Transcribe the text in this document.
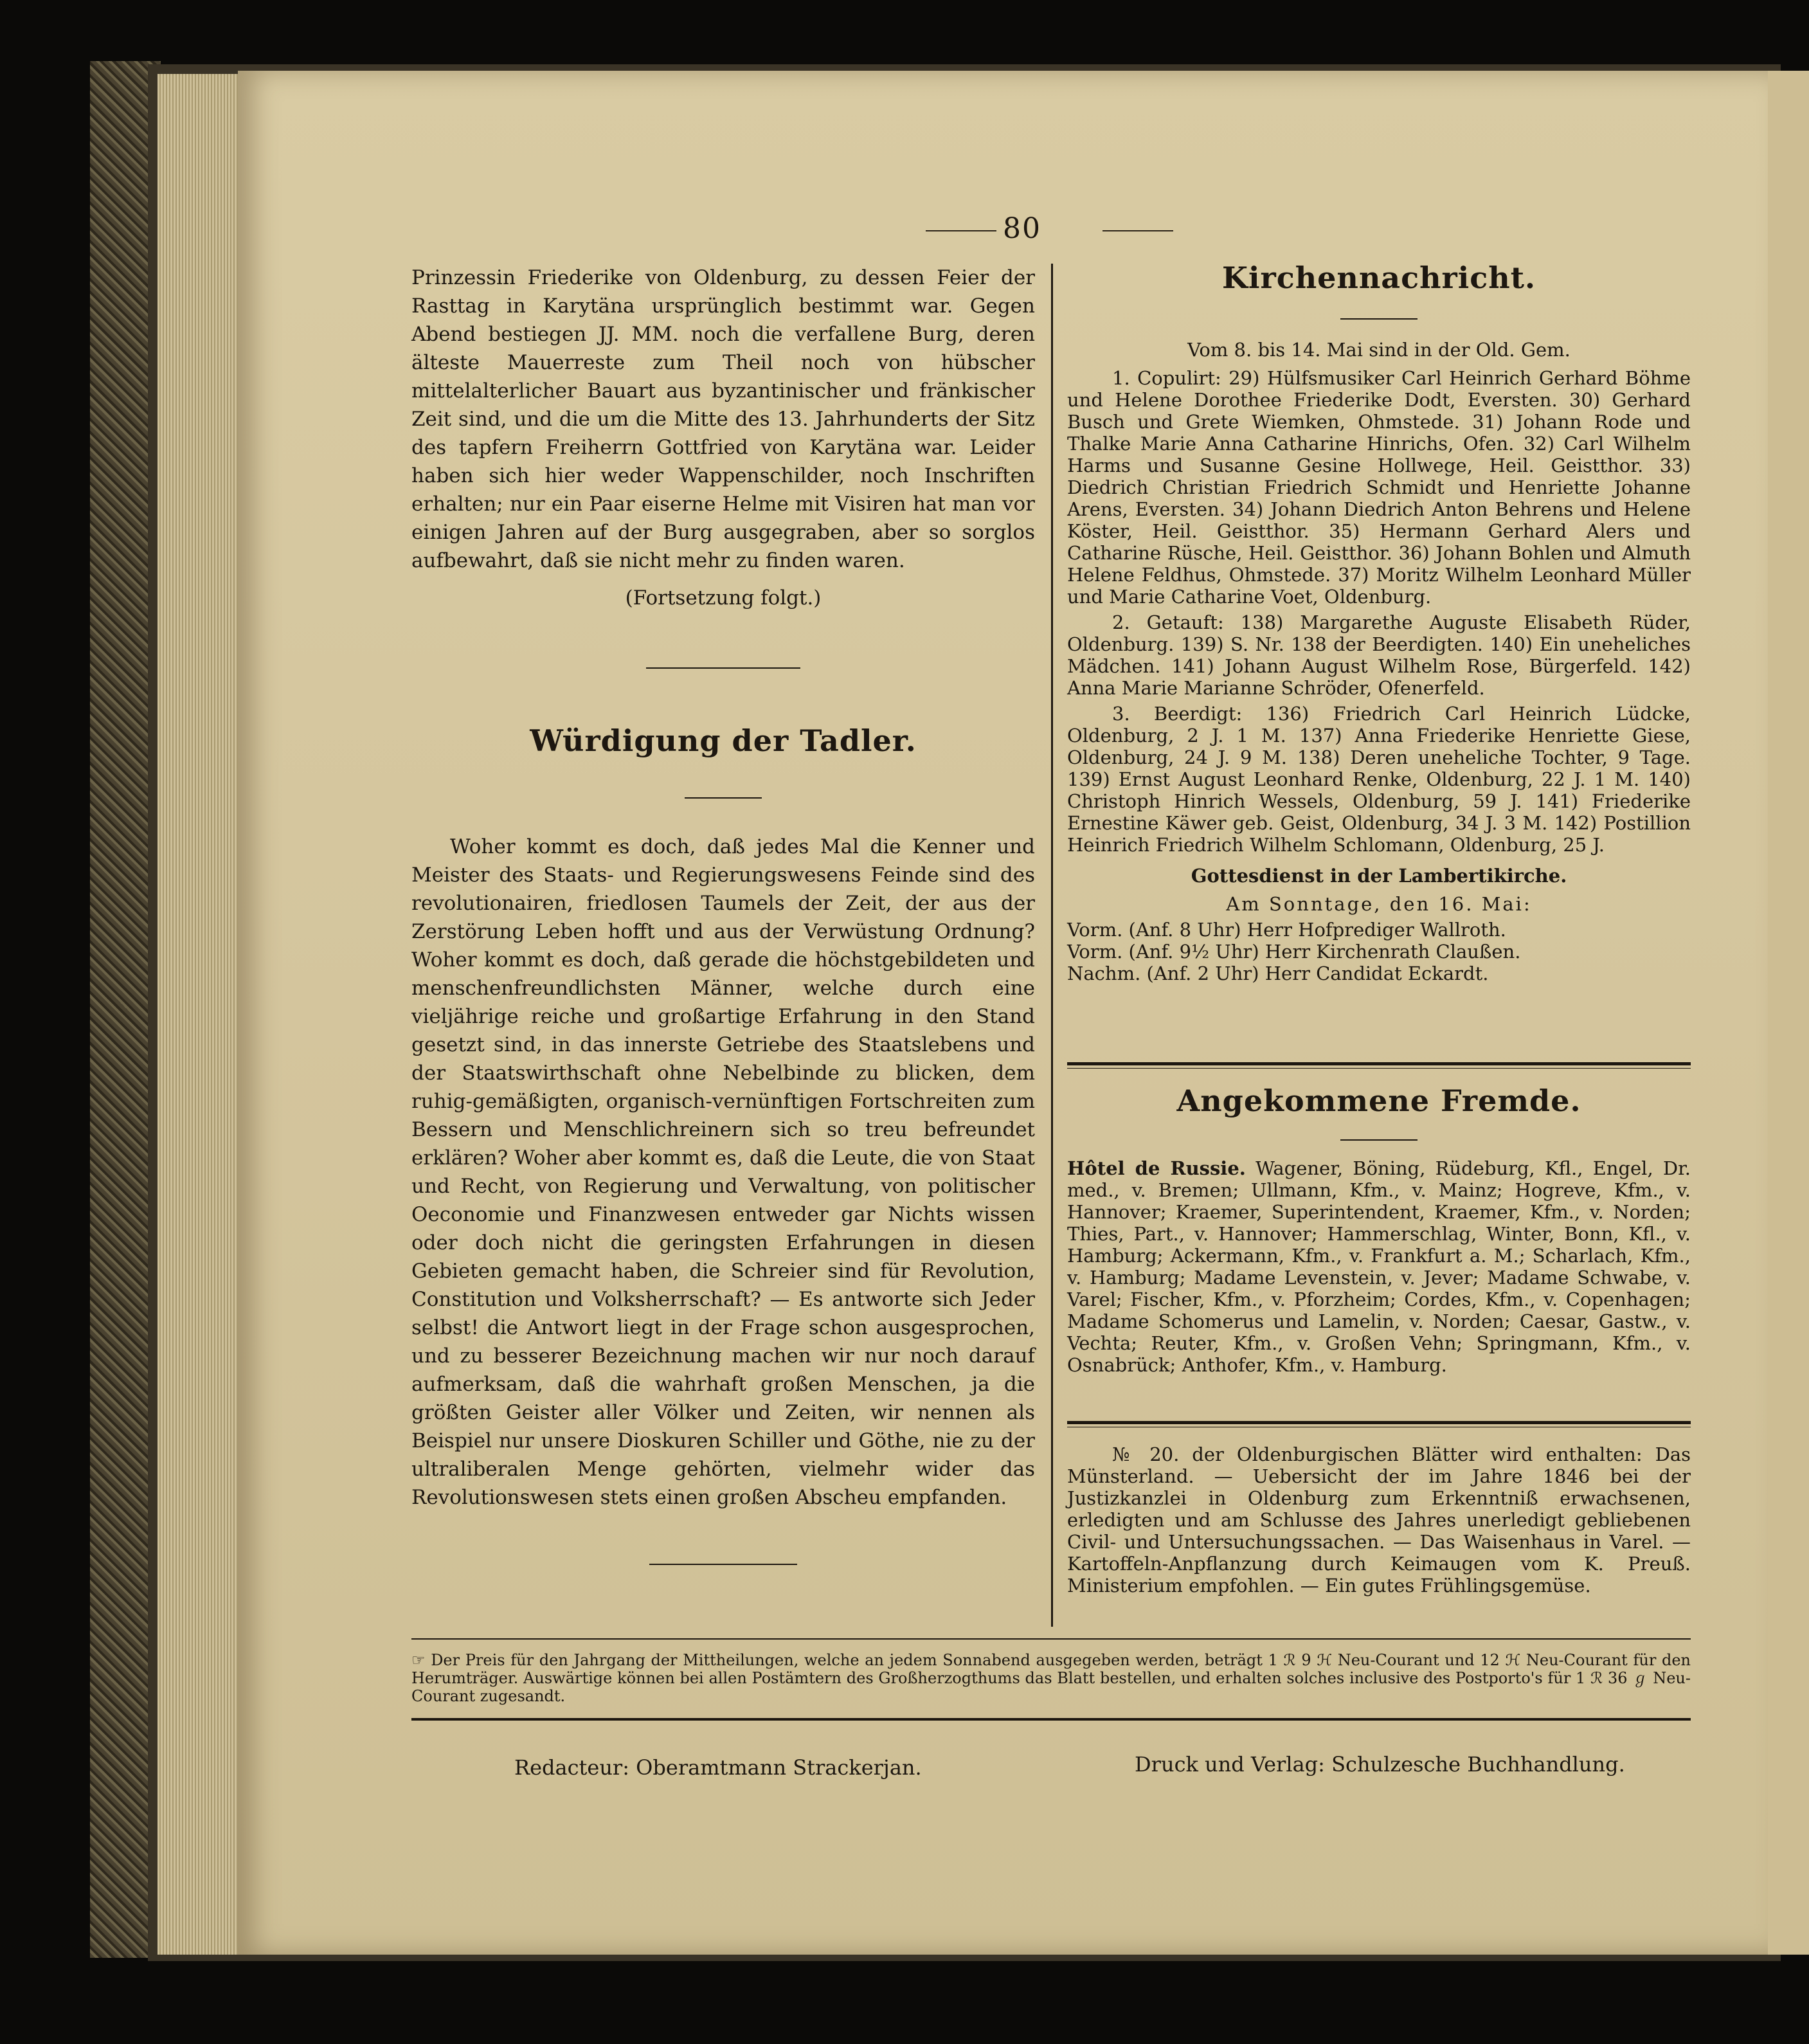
80

Prinzessin Friederike von Oldenburg, zu dessen Feier der Rasttag in Karytäna ursprünglich bestimmt war. Gegen Abend bestiegen JJ. MM. noch die verfallene Burg, deren älteste Mauerreste zum Theil noch von hübscher mittelalterlicher Bauart aus byzantinischer und fränkischer Zeit sind, und die um die Mitte des 13. Jahrhunderts der Sitz des tapfern Freiherrn Gottfried von Karytäna war. Leider haben sich hier weder Wappenschilder, noch Inschriften erhalten; nur ein Paar eiserne Helme mit Visiren hat man vor einigen Jahren auf der Burg ausgegraben, aber so sorglos aufbewahrt, daß sie nicht mehr zu finden waren.

(Fortsetzung folgt.)

Würdigung der Tadler.

Woher kommt es doch, daß jedes Mal die Kenner und Meister des Staats- und Regierungswesens Feinde sind des revolutionairen, friedlosen Taumels der Zeit, der aus der Zerstörung Leben hofft und aus der Verwüstung Ordnung? Woher kommt es doch, daß gerade die höchstgebildeten und menschenfreundlichsten Männer, welche durch eine vieljährige reiche und großartige Erfahrung in den Stand gesetzt sind, in das innerste Getriebe des Staatslebens und der Staatswirthschaft ohne Nebelbinde zu blicken, dem ruhig-gemäßigten, organisch-vernünftigen Fortschreiten zum Bessern und Menschlichreinern sich so treu befreundet erklären? Woher aber kommt es, daß die Leute, die von Staat und Recht, von Regierung und Verwaltung, von politischer Oeconomie und Finanzwesen entweder gar Nichts wissen oder doch nicht die geringsten Erfahrungen in diesen Gebieten gemacht haben, die Schreier sind für Revolution, Constitution und Volksherrschaft? — Es antworte sich Jeder selbst! die Antwort liegt in der Frage schon ausgesprochen, und zu besserer Bezeichnung machen wir nur noch darauf aufmerksam, daß die wahrhaft großen Menschen, ja die größten Geister aller Völker und Zeiten, wir nennen als Beispiel nur unsere Dioskuren Schiller und Göthe, nie zu der ultraliberalen Menge gehörten, vielmehr wider das Revolutionswesen stets einen großen Abscheu empfanden.

Kirchennachricht.

Vom 8. bis 14. Mai sind in der Old. Gem.

1. Copulirt: 29) Hülfsmusiker Carl Heinrich Gerhard Böhme und Helene Dorothee Friederike Dodt, Eversten. 30) Gerhard Busch und Grete Wiemken, Ohmstede. 31) Johann Rode und Thalke Marie Anna Catharine Hinrichs, Ofen. 32) Carl Wilhelm Harms und Susanne Gesine Hollwege, Heil. Geistthor. 33) Diedrich Christian Friedrich Schmidt und Henriette Johanne Arens, Eversten. 34) Johann Diedrich Anton Behrens und Helene Köster, Heil. Geistthor. 35) Hermann Gerhard Alers und Catharine Rüsche, Heil. Geistthor. 36) Johann Bohlen und Almuth Helene Feldhus, Ohmstede. 37) Moritz Wilhelm Leonhard Müller und Marie Catharine Voet, Oldenburg.

2. Getauft: 138) Margarethe Auguste Elisabeth Rüder, Oldenburg. 139) S. Nr. 138 der Beerdigten. 140) Ein uneheliches Mädchen. 141) Johann August Wilhelm Rose, Bürgerfeld. 142) Anna Marie Marianne Schröder, Ofenerfeld.

3. Beerdigt: 136) Friedrich Carl Heinrich Lüdcke, Oldenburg, 2 J. 1 M. 137) Anna Friederike Henriette Giese, Oldenburg, 24 J. 9 M. 138) Deren uneheliche Tochter, 9 Tage. 139) Ernst August Leonhard Renke, Oldenburg, 22 J. 1 M. 140) Christoph Hinrich Wessels, Oldenburg, 59 J. 141) Friederike Ernestine Käwer geb. Geist, Oldenburg, 34 J. 3 M. 142) Postillion Heinrich Friedrich Wilhelm Schlomann, Oldenburg, 25 J.

Gottesdienst in der Lambertikirche.

Am Sonntage, den 16. Mai:

Vorm. (Anf. 8 Uhr) Herr Hofprediger Wallroth.

Vorm. (Anf. 9½ Uhr) Herr Kirchenrath Claußen.

Nachm. (Anf. 2 Uhr) Herr Candidat Eckardt.

Angekommene Fremde.

Hôtel de Russie. Wagener, Böning, Rüdeburg, Kfl., Engel, Dr. med., v. Bremen; Ullmann, Kfm., v. Mainz; Hogreve, Kfm., v. Hannover; Kraemer, Superintendent, Kraemer, Kfm., v. Norden; Thies, Part., v. Hannover; Hammerschlag, Winter, Bonn, Kfl., v. Hamburg; Ackermann, Kfm., v. Frankfurt a. M.; Scharlach, Kfm., v. Hamburg; Madame Levenstein, v. Jever; Madame Schwabe, v. Varel; Fischer, Kfm., v. Pforzheim; Cordes, Kfm., v. Copenhagen; Madame Schomerus und Lamelin, v. Norden; Caesar, Gastw., v. Vechta; Reuter, Kfm., v. Großen Vehn; Springmann, Kfm., v. Osnabrück; Anthofer, Kfm., v. Hamburg.

№ 20. der Oldenburgischen Blätter wird enthalten: Das Münsterland. — Uebersicht der im Jahre 1846 bei der Justizkanzlei in Oldenburg zum Erkenntniß erwachsenen, erledigten und am Schlusse des Jahres unerledigt gebliebenen Civil- und Untersuchungssachen. — Das Waisenhaus in Varel. — Kartoffeln-Anpflanzung durch Keimaugen vom K. Preuß. Ministerium empfohlen. — Ein gutes Frühlingsgemüse.

☞ Der Preis für den Jahrgang der Mittheilungen, welche an jedem Sonnabend ausgegeben werden, beträgt 1 ℛ 9 ℋ Neu-Courant und 12 ℋ Neu-Courant für den Herumträger. Auswärtige können bei allen Postämtern des Großherzogthums das Blatt bestellen, und erhalten solches inclusive des Postporto's für 1 ℛ 36 ℊ Neu-Courant zugesandt.

Redacteur: Oberamtmann Strackerjan.	Druck und Verlag: Schulzesche Buchhandlung.
